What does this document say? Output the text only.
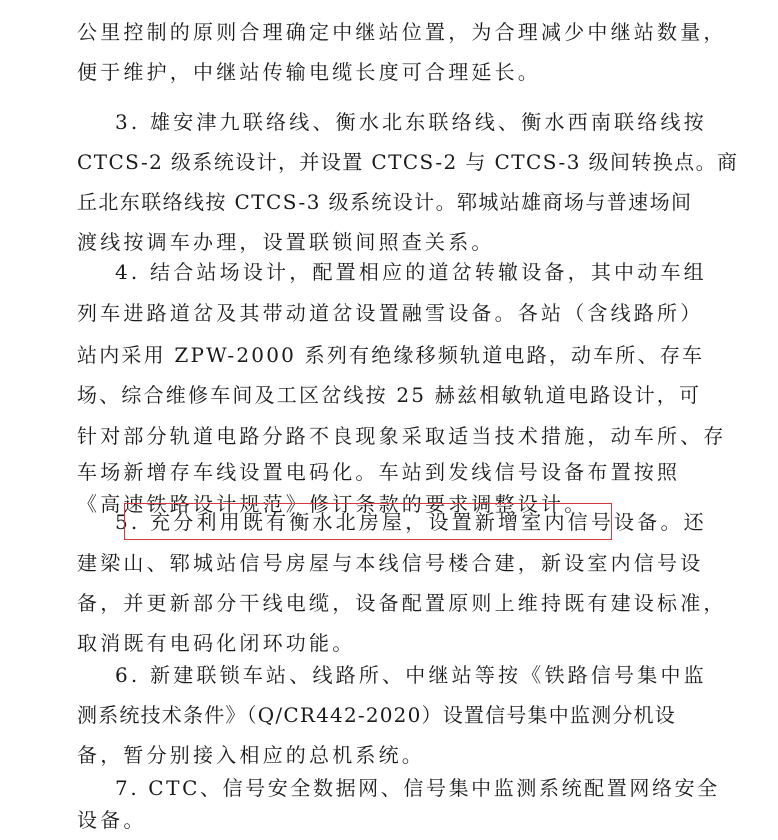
公里控制的原则合理确定中继站位置，为合理减少中继站数量，
便于维护，中继站传输电缆长度可合理延长。
3. 雄安津九联络线、衡水北东联络线、衡水西南联络线按
CTCS-2 级系统设计，并设置 CTCS-2 与 CTCS-3 级间转换点。商
丘北东联络线按 CTCS-3 级系统设计。郓城站雄商场与普速场间
渡线按调车办理，设置联锁间照查关系。
4. 结合站场设计，配置相应的道岔转辙设备，其中动车组
列车进路道岔及其带动道岔设置融雪设备。各站（含线路所）
站内采用 ZPW-2000 系列有绝缘移频轨道电路，动车所、存车
场、综合维修车间及工区岔线按 25 赫兹相敏轨道电路设计，可
针对部分轨道电路分路不良现象采取适当技术措施，动车所、存
车场新增存车线设置电码化。车站到发线信号设备布置按照
《高速铁路设计规范》修订条款的要求调整设计。
5. 充分利用既有衡水北房屋，设置新增室内信号设备。还
建梁山、郓城站信号房屋与本线信号楼合建，新设室内信号设
备，并更新部分干线电缆，设备配置原则上维持既有建设标准，
取消既有电码化闭环功能。
6. 新建联锁车站、线路所、中继站等按《铁路信号集中监
测系统技术条件》（Q/CR442-2020）设置信号集中监测分机设
备，暂分别接入相应的总机系统。
7. CTC、信号安全数据网、信号集中监测系统配置网络安全
设备。
